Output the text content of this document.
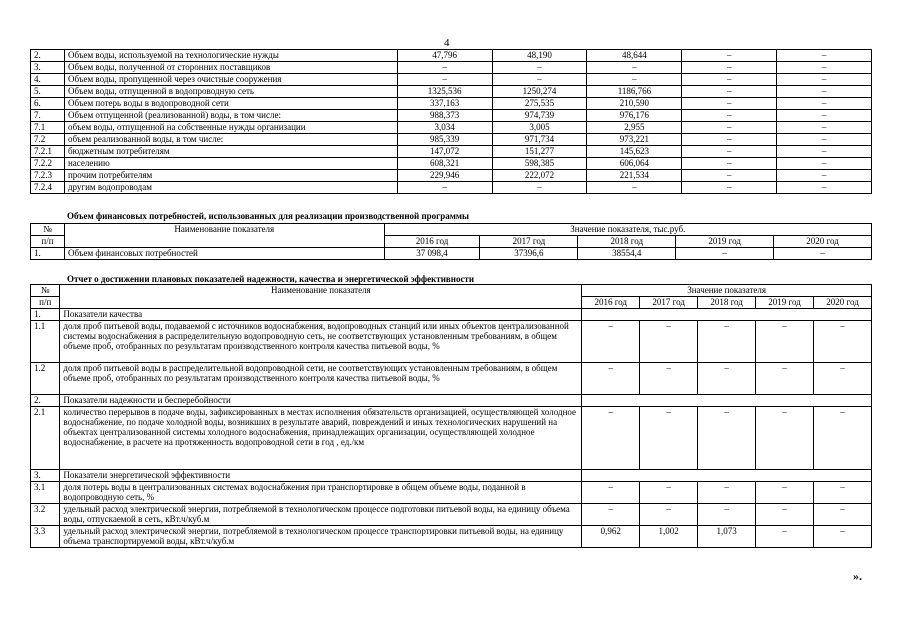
4
2.	Объем воды, используемой на технологические нужды	47,796	48,190	48,644	–	–
3.	Объем воды, полученной от сторонних поставщиков	–	–	–	–	–
4.	Объем воды, пропущенной через очистные сооружения	–	–	–	–	–
5.	Объем воды, отпущенной в водопроводную сеть	1325,536	1250,274	1186,766	–	–
6.	Объем потерь воды в водопроводной сети	337,163	275,535	210,590	–	–
7.	Объем отпущенной (реализованной) воды, в том числе:	988,373	974,739	976,176	–	–
7.1	объем воды, отпущенной на собственные нужды организации	3,034	3,005	2,955	–	–
7.2	объем реализованной воды, в том числе:	985,339	971,734	973,221	–	–
7.2.1	бюджетным потребителям	147,072	151,277	145,623	–	–
7.2.2	населению	608,321	598,385	606,064	–	–
7.2.3	прочим потребителям	229,946	222,072	221,534	–	–
7.2.4	другим водопроводам	–	–	–	–	–
Объем финансовых потребностей, использованных для реализации производственной программы
№	Наименование показателя	Значение показателя, тыс.руб.				
п/п		2016 год	2017 год	2018 год	2019 год	2020 год
1.	Объем финансовых потребностей	37 098,4	37396,6	38554,4	–	–
Отчет о достижении плановых показателей надежности, качества и энергетической эффективности
№	Наименование показателя	Значение показателя				
п/п		2016 год	2017 год	2018 год	2019 год	2020 год
1.	Показатели качества					
1.1	доля проб питьевой воды, подаваемой с источников водоснабжения, водопроводных станций или иных объектов централизованной системы водоснабжения в распределительную водопроводную сеть, не соответствующих установленным требованиям, в общем объеме проб, отобранных по результатам производственного контроля качества питьевой воды, %	–	–	–	–	–
1.2	доля проб питьевой воды в распределительной водопроводной сети, не соответствующих установленным требованиям, в общем объеме проб, отобранных по результатам производственного контроля качества питьевой воды, %	–	–	–	–	–
2.	Показатели надежности и бесперебойности					
2.1	количество перерывов в подаче воды, зафиксированных в местах исполнения обязательств организацией, осуществляющей холодное водоснабжение, по подаче холодной воды, возникших в результате аварий, повреждений и иных технологических нарушений на объектах централизованной системы холодного водоснабжения, принадлежащих организации, осуществляющей холодное водоснабжение, в расчете на протяженность водопроводной сети в год , ед./км	–	–	–	–	–
3.	Показатели энергетической эффективности					
3.1	доля потерь воды в централизованных системах водоснабжения при транспортировке в общем объеме воды, поданной в водопроводную сеть, %	–	–	–	–	–
3.2	удельный расход электрической энергии, потребляемой в технологическом процессе подготовки питьевой воды, на единицу объема воды, отпускаемой в сеть, кВт.ч/куб.м	–	–	–	–	–
3.3	удельный расход электрической энергии, потребляемой в технологическом процессе транспортировки питьевой воды, на единицу объема транспортируемой воды, кВт.ч/куб.м	0,962	1,002	1,073	–	–
».
